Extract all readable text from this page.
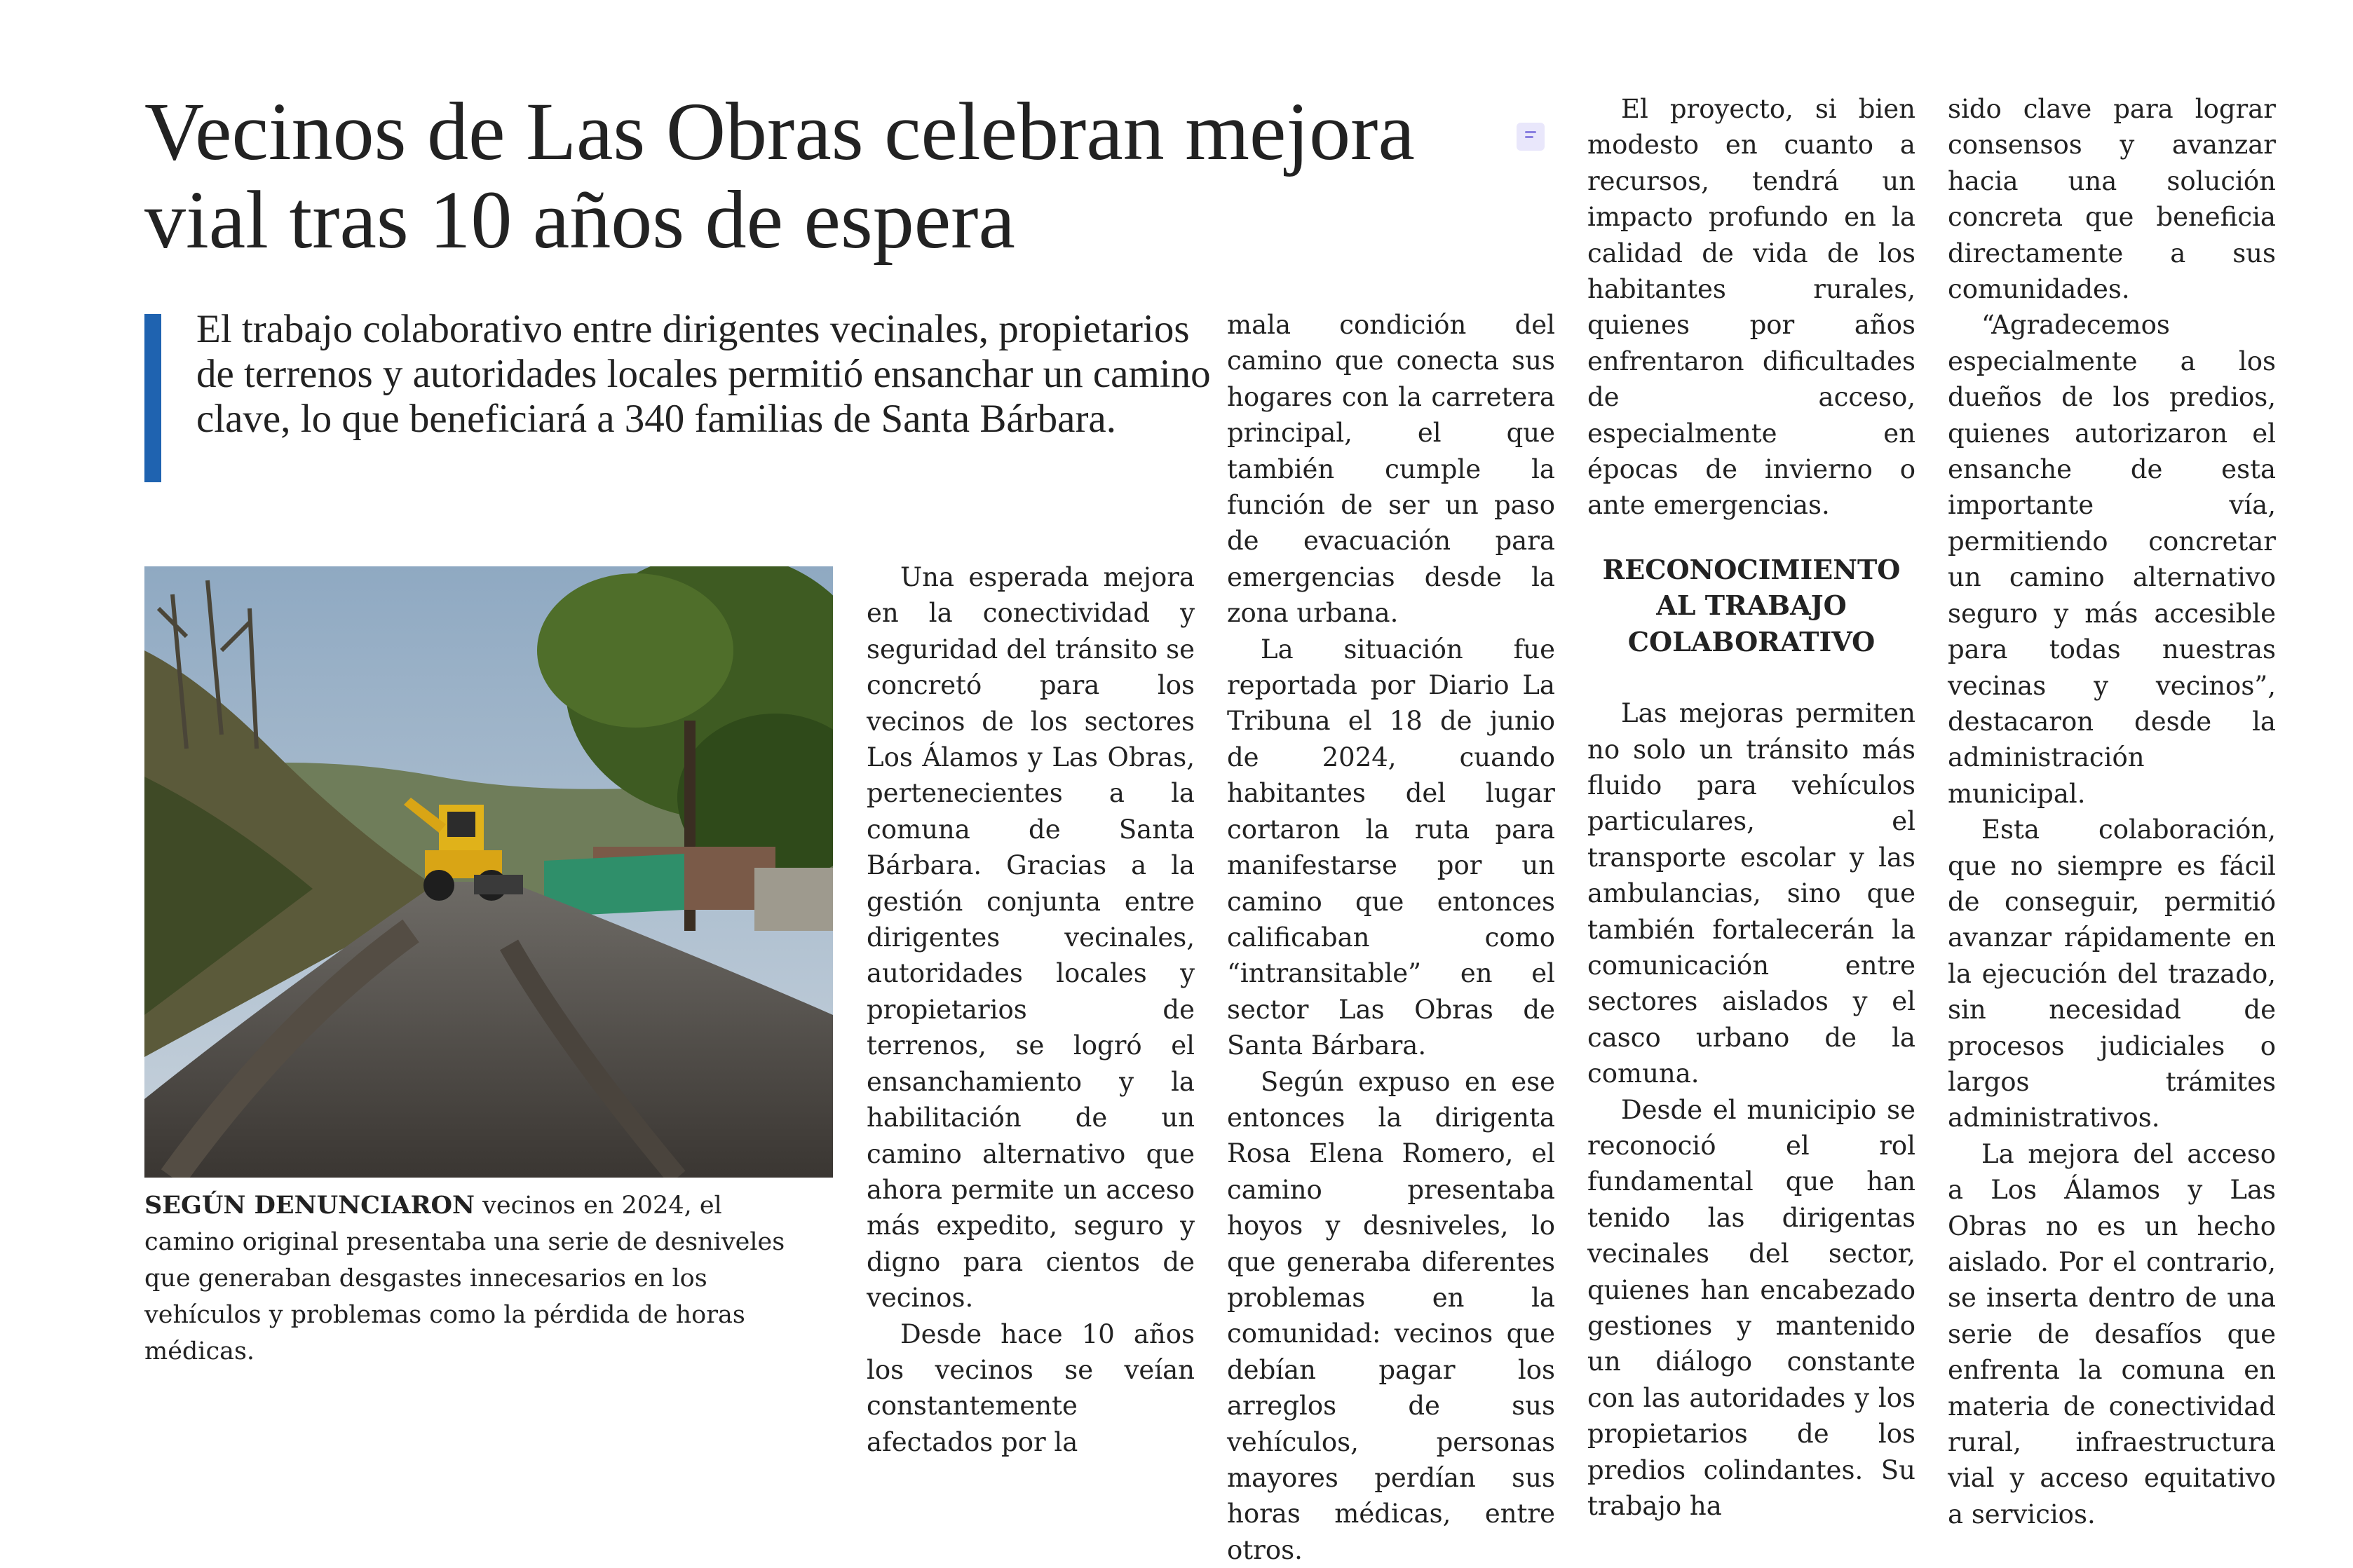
Vecinos de Las Obras celebran mejora vial tras 10 años de espera

El trabajo colaborativo entre dirigentes vecinales, propietarios de terrenos y autoridades locales permitió ensanchar un camino clave, lo que beneficiará a 340 familias de Santa Bárbara.

SEGÚN DENUNCIARON vecinos en 2024, el camino original presentaba una serie de desniveles que generaban desgastes innecesarios en los vehículos y problemas como la pérdida de horas médicas.

Una esperada mejora en la conectividad y seguridad del tránsito se concretó para los vecinos de los sectores Los Álamos y Las Obras, pertenecientes a la comuna de Santa Bárbara. Gracias a la gestión conjunta entre dirigentes vecinales, autoridades locales y propietarios de terrenos, se logró el ensanchamiento y la habilitación de un camino alternativo que ahora permite un acceso más expedito, seguro y digno para cientos de vecinos.

Desde hace 10 años los vecinos se veían constantemente afectados por la

mala condición del camino que conecta sus hogares con la carretera principal, el que también cumple la función de ser un paso de evacuación para emergencias desde la zona urbana.

La situación fue reportada por Diario La Tribuna el 18 de junio de 2024, cuando habitantes del lugar cortaron la ruta para manifestarse por un camino que entonces calificaban como “intransitable” en el sector Las Obras de Santa Bárbara.

Según expuso en ese entonces la dirigenta Rosa Elena Romero, el camino presentaba hoyos y desniveles, lo que generaba diferentes problemas en la comunidad: vecinos que debían pagar los arreglos de sus vehículos, personas mayores perdían sus horas médicas, entre otros.

El proyecto, si bien modesto en cuanto a recursos, tendrá un impacto profundo en la calidad de vida de los habitantes rurales, quienes por años enfrentaron dificultades de acceso, especialmente en épocas de invierno o ante emergencias.

RECONOCIMIENTO AL TRABAJO COLABORATIVO

Las mejoras permiten no solo un tránsito más fluido para vehículos particulares, el transporte escolar y las ambulancias, sino que también fortalecerán la comunicación entre sectores aislados y el casco urbano de la comuna.

Desde el municipio se reconoció el rol fundamental que han tenido las dirigentas vecinales del sector, quienes han encabezado gestiones y mantenido un diálogo constante con las autoridades y los propietarios de los predios colindantes. Su trabajo ha

sido clave para lograr consensos y avanzar hacia una solución concreta que beneficia directamente a sus comunidades.

“Agradecemos especialmente a los dueños de los predios, quienes autorizaron el ensanche de esta importante vía, permitiendo concretar un camino alternativo seguro y más accesible para todas nuestras vecinas y vecinos”, destacaron desde la administración municipal.

Esta colaboración, que no siempre es fácil de conseguir, permitió avanzar rápidamente en la ejecución del trazado, sin necesidad de procesos judiciales o largos trámites administrativos.

La mejora del acceso a Los Álamos y Las Obras no es un hecho aislado. Por el contrario, se inserta dentro de una serie de desafíos que enfrenta la comuna en materia de conectividad rural, infraestructura vial y acceso equitativo a servicios.
